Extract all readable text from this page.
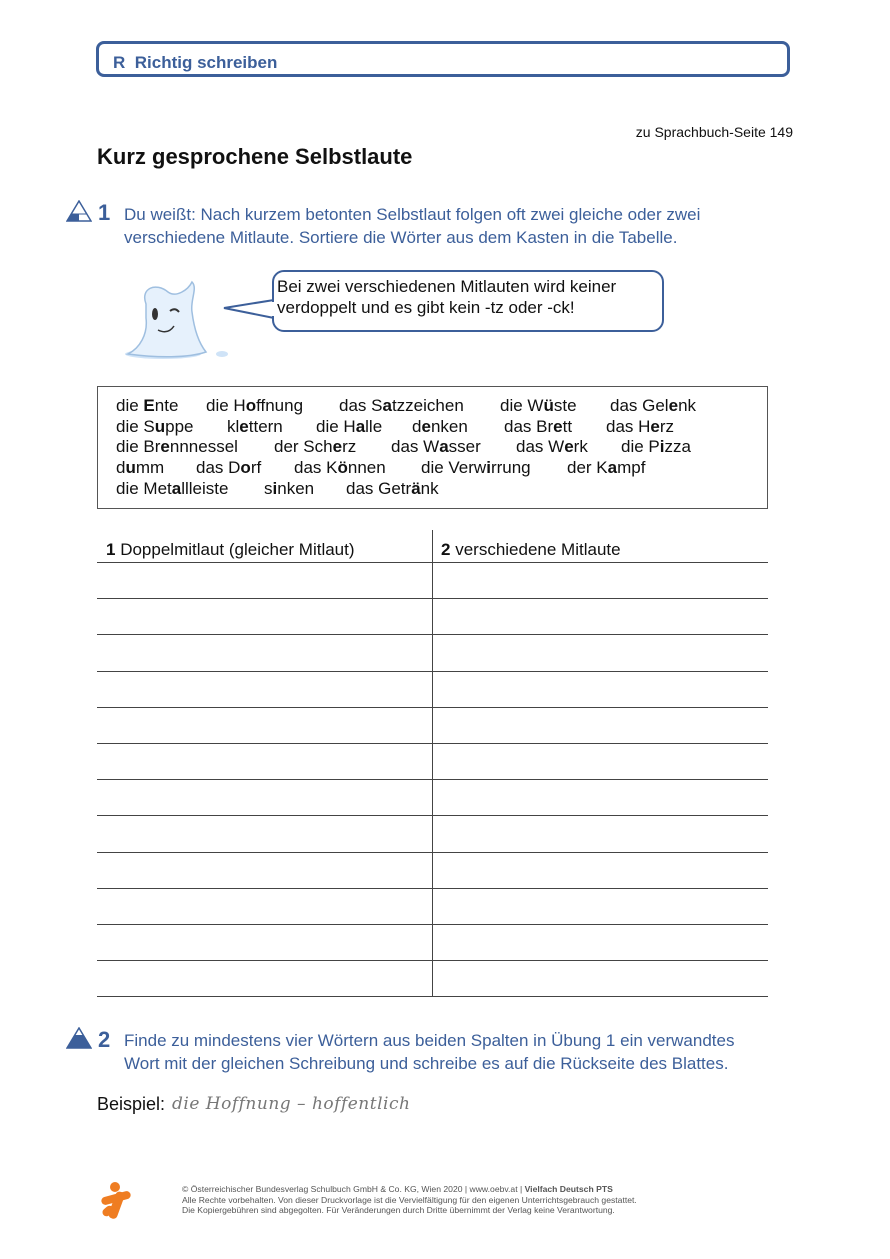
R Richtig schreiben
zu Sprachbuch-Seite 149
Kurz gesprochene Selbstlaute
1 Du weißt: Nach kurzem betonten Selbstlaut folgen oft zwei gleiche oder zwei
verschiedene Mitlaute. Sortiere die Wörter aus dem Kasten in die Tabelle.
Bei zwei verschiedenen Mitlauten wird keiner
verdoppelt und es gibt kein -tz oder -ck!
die Ente die Hoffnung das Satzzeichen die Wüste das Gelenk
die Suppe klettern die Halle denken das Brett das Herz
die Brennnessel der Scherz das Wasser das Werk die Pizza
dumm das Dorf das Können die Verwirrung der Kampf
die Metallleiste sinken das Getränk
1 Doppelmitlaut (gleicher Mitlaut)	2 verschiedene Mitlaute
2 Finde zu mindestens vier Wörtern aus beiden Spalten in Übung 1 ein verwandtes
Wort mit der gleichen Schreibung und schreibe es auf die Rückseite des Blattes.
Beispiel: die Hoffnung – hoffentlich
© Österreichischer Bundesverlag Schulbuch GmbH & Co. KG, Wien 2020 | www.oebv.at | Vielfach Deutsch PTS
Alle Rechte vorbehalten. Von dieser Druckvorlage ist die Vervielfältigung für den eigenen Unterrichtsgebrauch gestattet.
Die Kopiergebühren sind abgegolten. Für Veränderungen durch Dritte übernimmt der Verlag keine Verantwortung.
